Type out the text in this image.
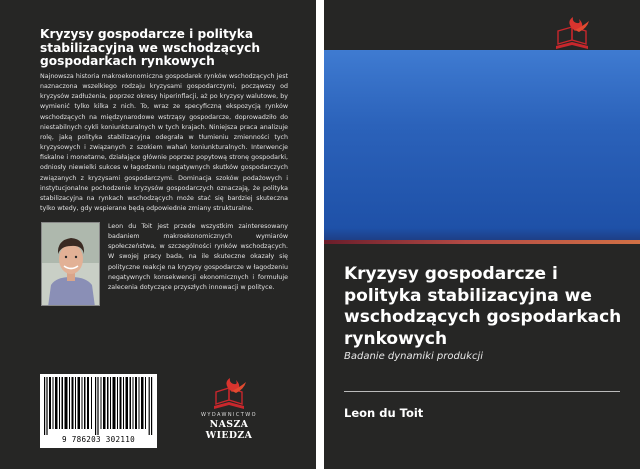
Kryzysy gospodarcze i polityka stabilizacyjna we wschodzących gospodarkach rynkowych
Najnowsza historia makroekonomiczna gospodarek rynków wschodzących jest naznaczona wszelkiego rodzaju kryzysami gospodarczymi, począwszy od kryzysów zadłużenia, poprzez okresy hiperinflacji, aż po kryzysy walutowe, by wymienić tylko kilka z nich. To, wraz ze specyficzną ekspozycją rynków wschodzących na międzynarodowe wstrząsy gospodarcze, doprowadziło do niestabilnych cykli koniunkturalnych w tych krajach. Niniejsza praca analizuje rolę, jaką polityka stabilizacyjna odegrała w tłumieniu zmienności tych kryzysowych i związanych z szokiem wahań koniunkturalnych. Interwencje fiskalne i monetarne, działające głównie poprzez popytową stronę gospodarki, odniosły niewielki sukces w łagodzeniu negatywnych skutków gospodarczych związanych z kryzysami gospodarczymi. Dominacja szoków podażowych i instytucjonalne pochodzenie kryzysów gospodarczych oznaczają, że polityka stabilizacyjna na rynkach wschodzących może stać się bardziej skuteczna tylko wtedy, gdy wspierane będą odpowiednie zmiany strukturalne.
Leon du Toit jest przede wszystkim zainteresowany badaniem makroekonomicznych wymiarów społeczeństwa, w szczególności rynków wschodzących. W swojej pracy bada, na ile skuteczne okazały się polityczne reakcje na kryzysy gospodarcze w łagodzeniu negatywnych konsekwencji ekonomicznych i formułuje zalecenia dotyczące przyszłych innowacji w polityce.
9 786203 302110
WYDAWNICTWO
NASZA WIEDZA
Kryzysy gospodarcze i polityka stabilizacyjna we wschodzących gospodarkach rynkowych
Badanie dynamiki produkcji
Leon du Toit
